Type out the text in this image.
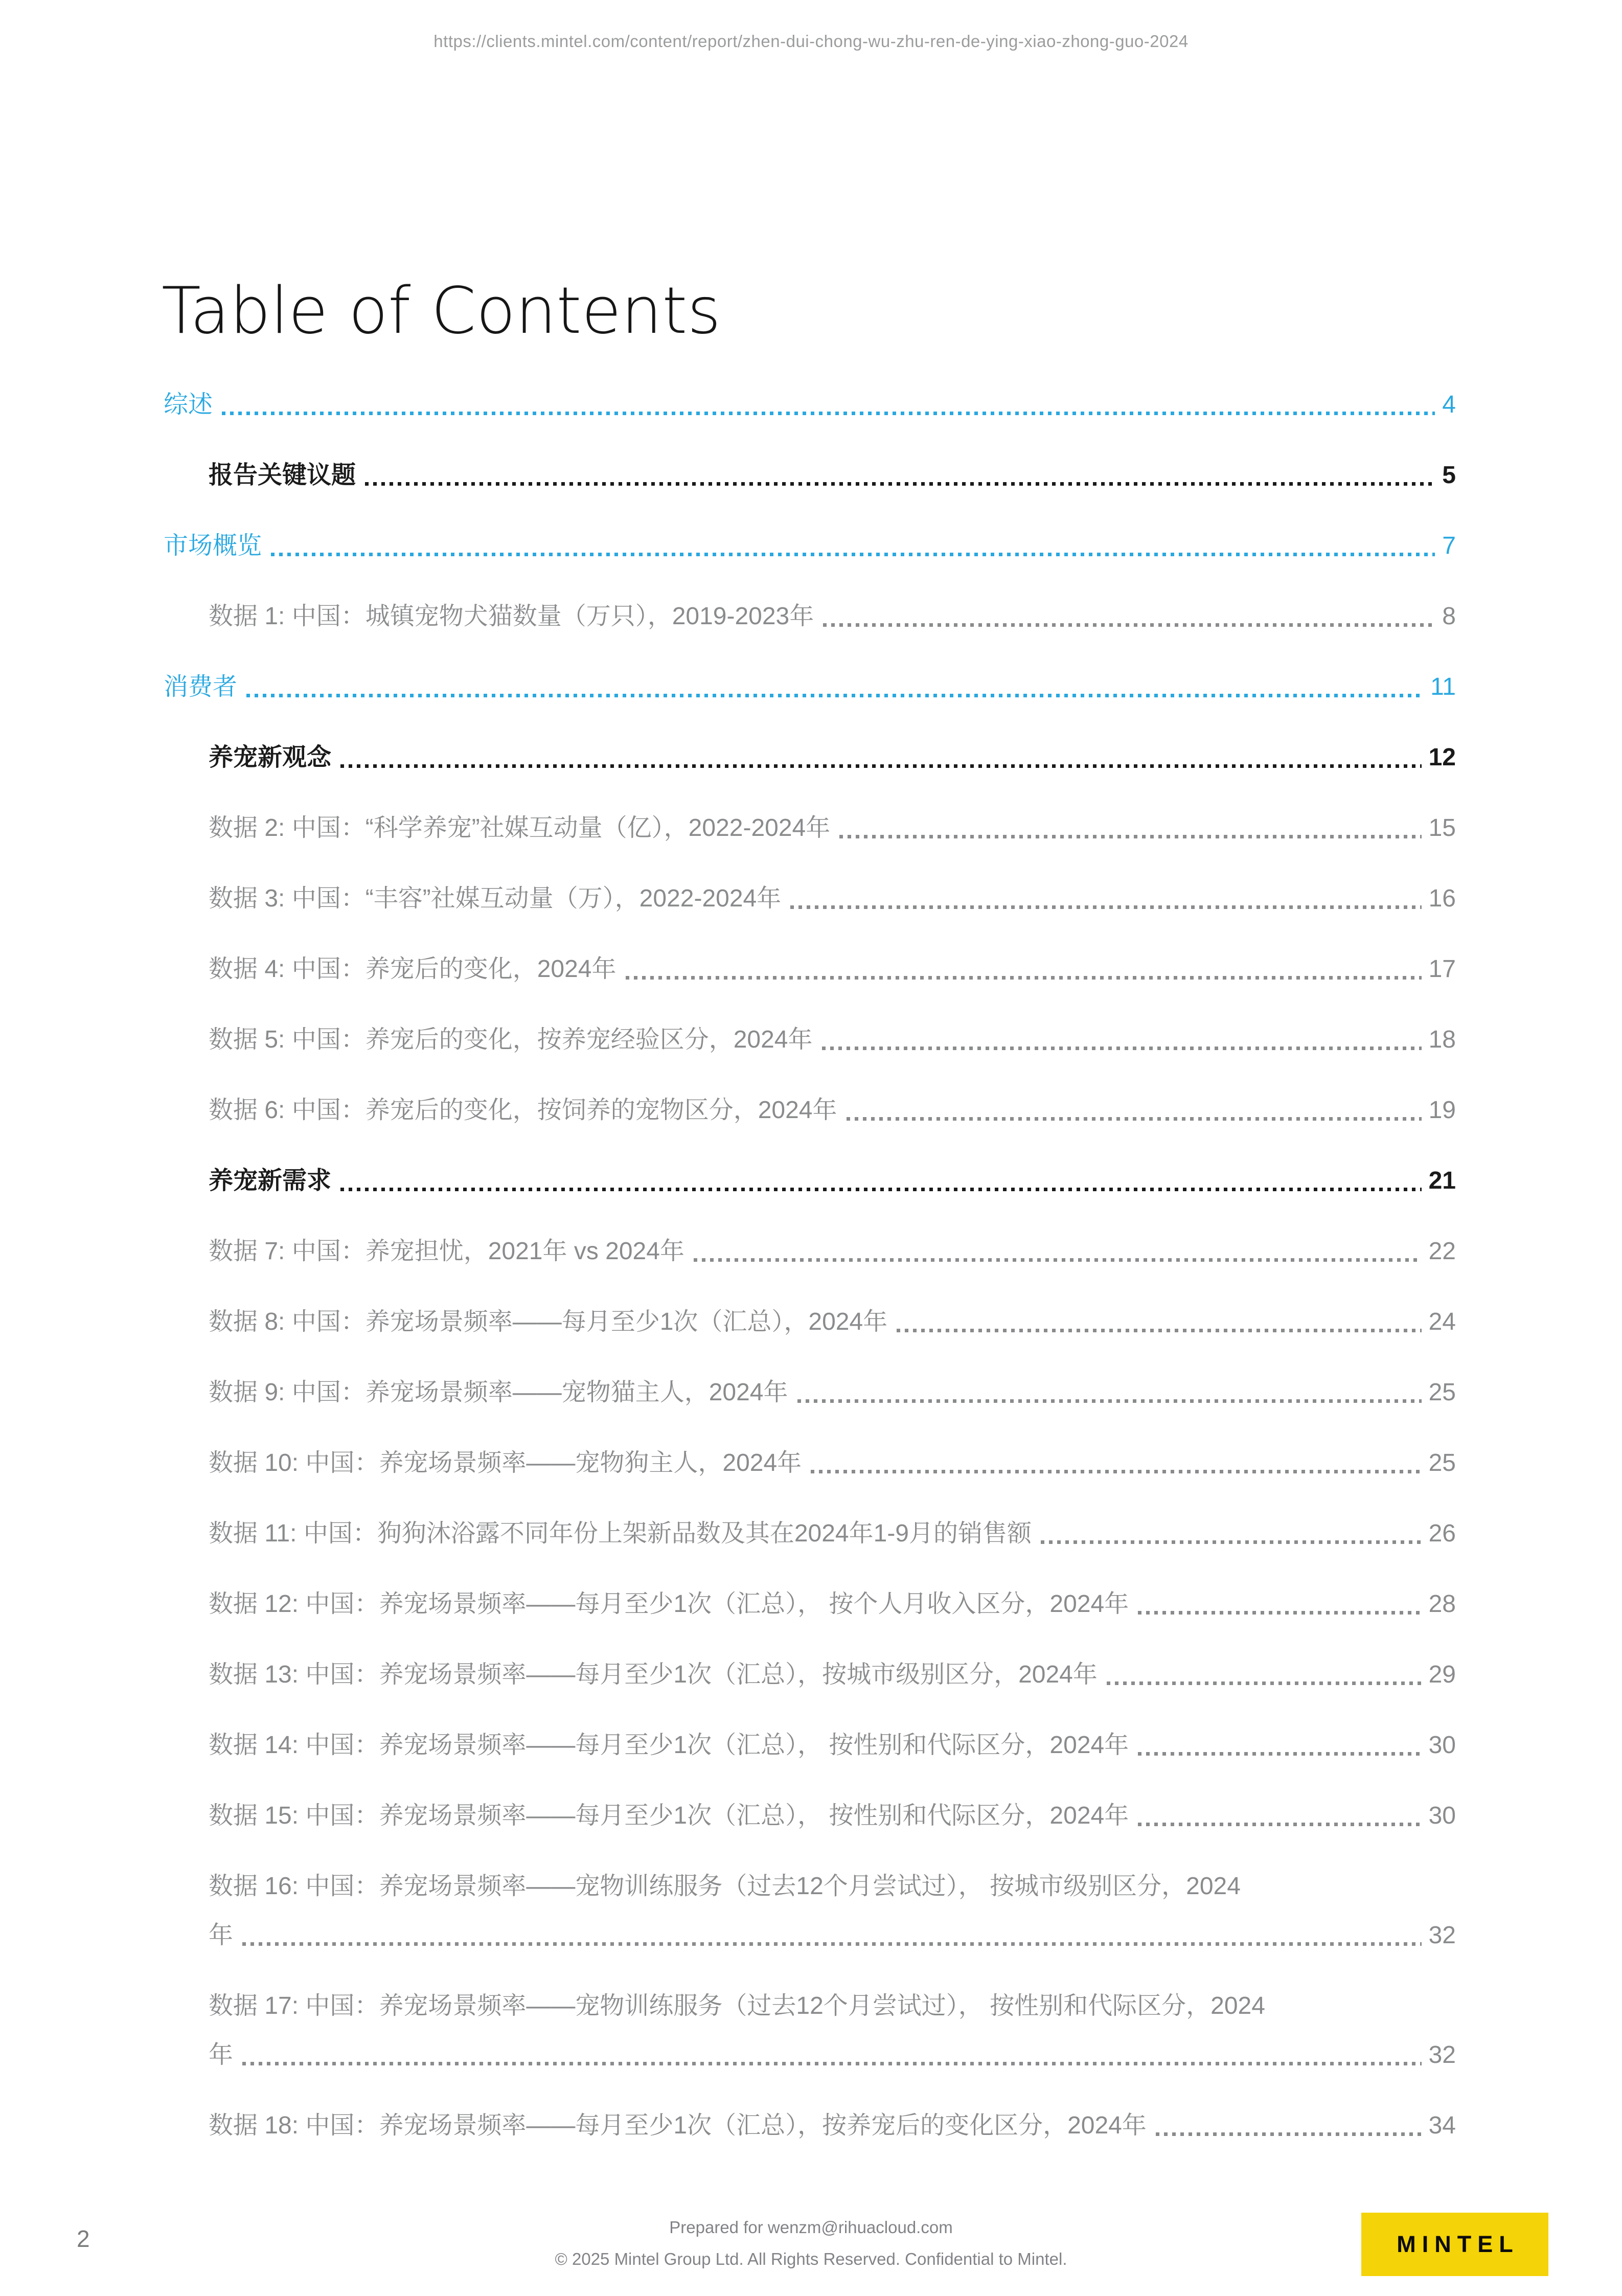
https://clients.mintel.com/content/report/zhen-dui-chong-wu-zhu-ren-de-ying-xiao-zhong-guo-2024
Table of Contents
综述	4
报告关键议题	5
市场概览	7
数据 1: 中国：城镇宠物犬猫数量（万只），2019-2023年	8
消费者	11
养宠新观念	12
数据 2: 中国：“科学养宠”社媒互动量（亿），2022-2024年	15
数据 3: 中国：“丰容”社媒互动量（万），2022-2024年	16
数据 4: 中国：养宠后的变化，2024年	17
数据 5: 中国：养宠后的变化，按养宠经验区分，2024年	18
数据 6: 中国：养宠后的变化，按饲养的宠物区分，2024年	19
养宠新需求	21
数据 7: 中国：养宠担忧，2021年 vs 2024年	22
数据 8: 中国：养宠场景频率——每月至少1次（汇总），2024年	24
数据 9: 中国：养宠场景频率——宠物猫主人，2024年	25
数据 10: 中国：养宠场景频率——宠物狗主人，2024年	25
数据 11: 中国：狗狗沐浴露不同年份上架新品数及其在2024年1-9月的销售额	26
数据 12: 中国：养宠场景频率——每月至少1次（汇总）， 按个人月收入区分，2024年	28
数据 13: 中国：养宠场景频率——每月至少1次（汇总），按城市级别区分，2024年	29
数据 14: 中国：养宠场景频率——每月至少1次（汇总）， 按性别和代际区分，2024年	30
数据 15: 中国：养宠场景频率——每月至少1次（汇总）， 按性别和代际区分，2024年	30
数据 16: 中国：养宠场景频率——宠物训练服务（过去12个月尝试过）， 按城市级别区分，2024
年	32
数据 17: 中国：养宠场景频率——宠物训练服务（过去12个月尝试过）， 按性别和代际区分，2024
年	32
数据 18: 中国：养宠场景频率——每月至少1次（汇总），按养宠后的变化区分，2024年	34
2	Prepared for wenzm@rihuacloud.com
© 2025 Mintel Group Ltd. All Rights Reserved. Confidential to Mintel.
MINTEL
